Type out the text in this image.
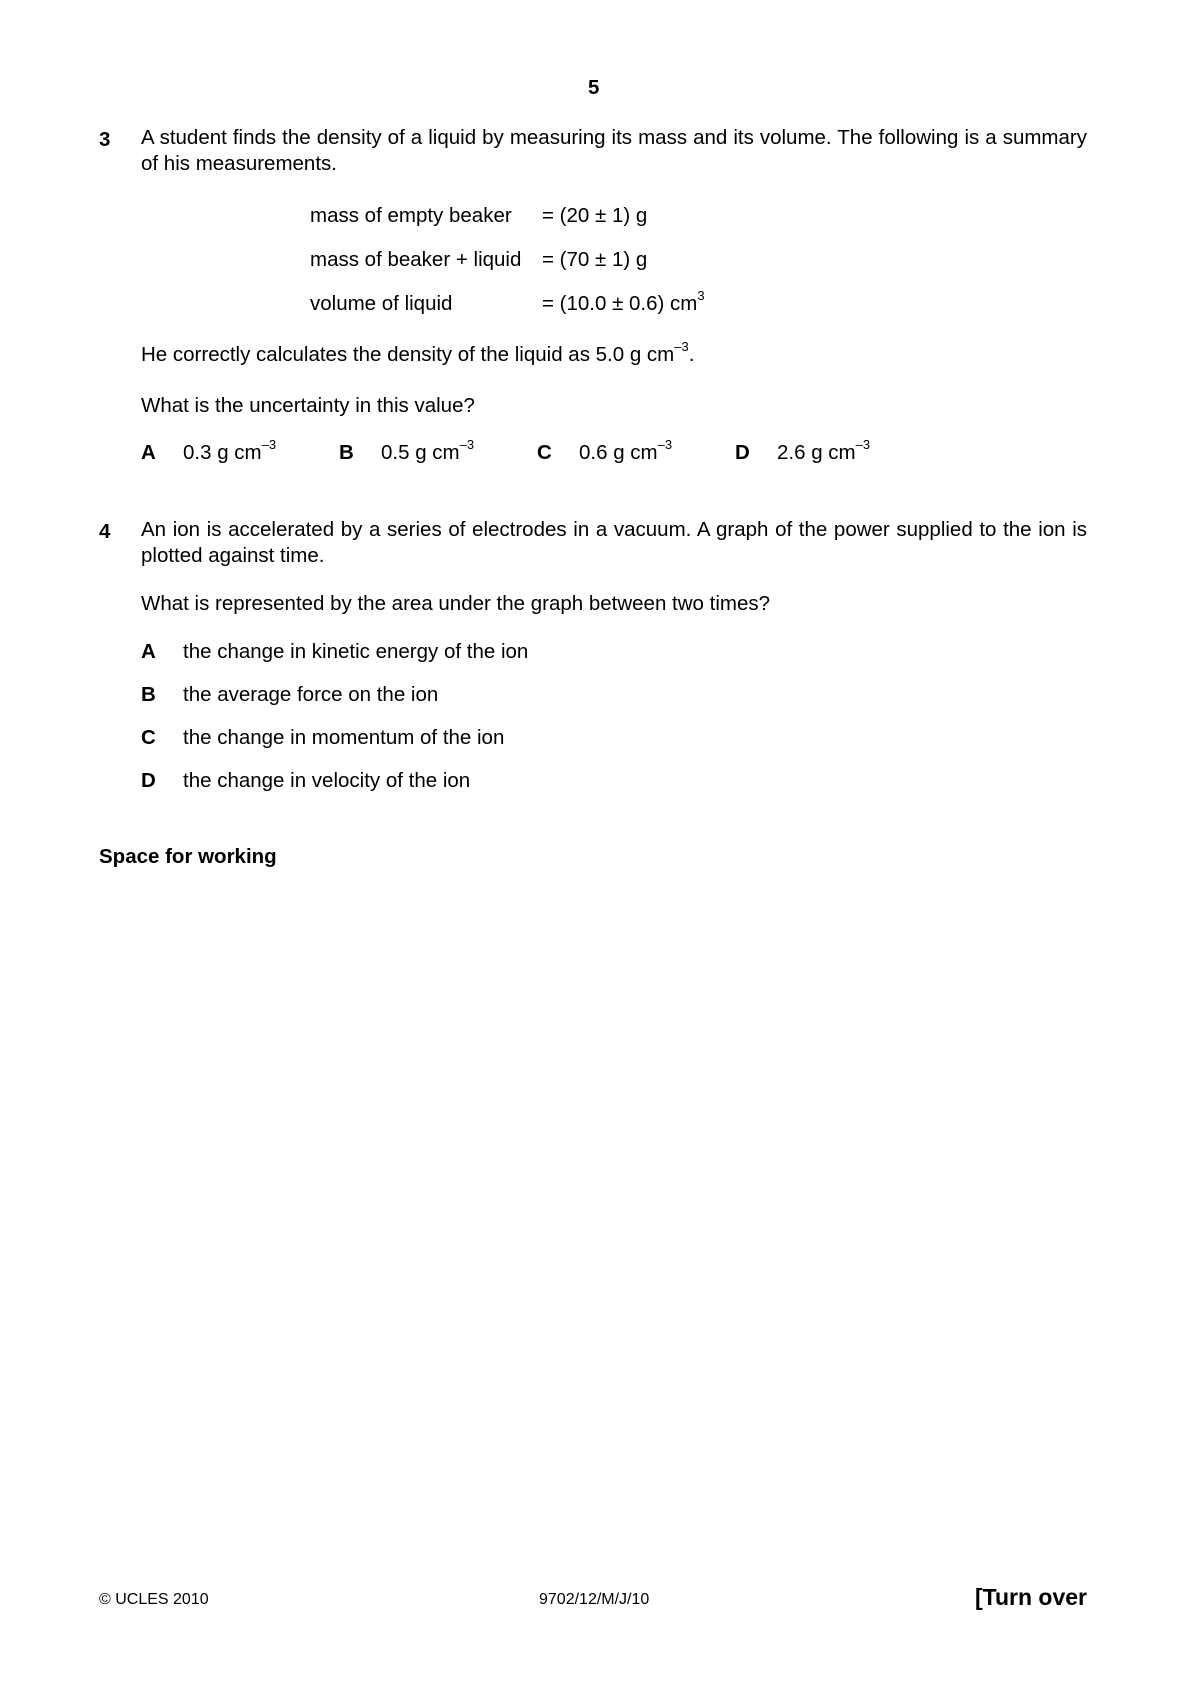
5
3 A student finds the density of a liquid by measuring its mass and its volume. The following is a summary of his measurements.
mass of empty beaker = (20 ± 1) g
mass of beaker + liquid = (70 ± 1) g
volume of liquid	= (10.0 ± 0.6) $cm^3$
He correctly calculates the density of the liquid as 5.0 g $cm^{-3}$.
What is the uncertainty in this value?
A 0.3 g $cm^{-3}$	B 0.5 g $cm^{-3}$	C 0.6 g $cm^{-3}$	D 2.6 g $cm^{-3}$
4 An ion is accelerated by a series of electrodes in a vacuum. A graph of the power supplied to the ion is plotted against time.
What is represented by the area under the graph between two times?
A the change in kinetic energy of the ion
B the average force on the ion
C the change in momentum of the ion
D the change in velocity of the ion
Space for working
© UCLES 2010	9702/12/M/J/10	[Turn over
